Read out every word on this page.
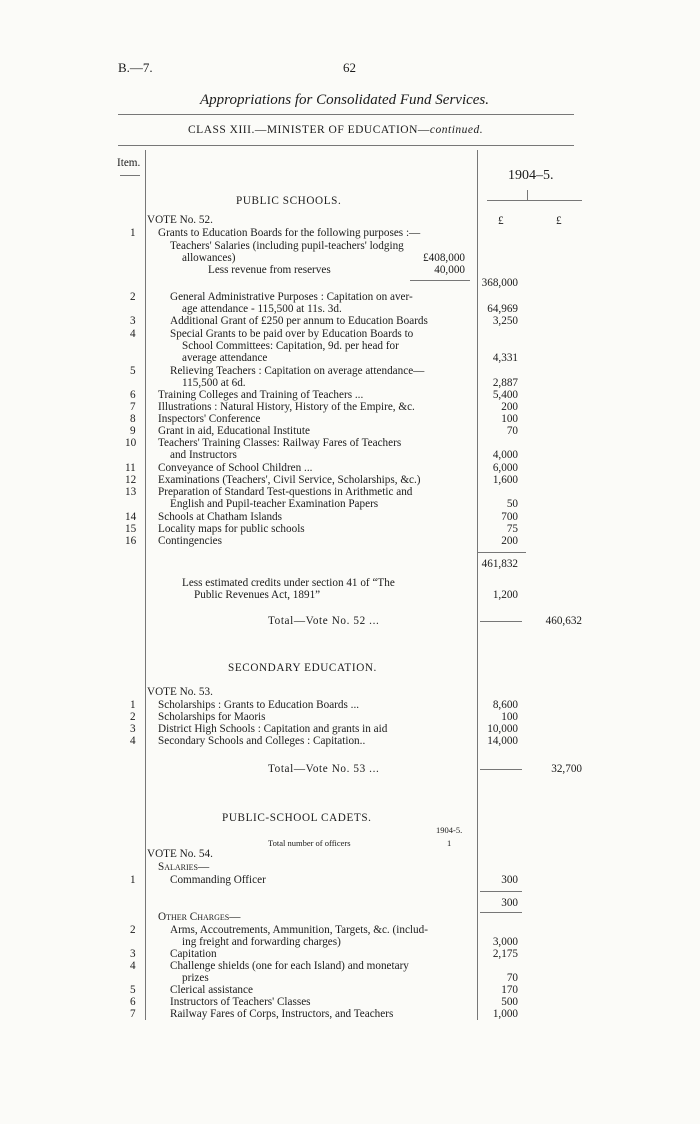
B.—7.	62
Appropriations for Consolidated Fund Services.
CLASS XIII.—MINISTER OF EDUCATION—continued.
Item.
1904–5.
£	£
PUBLIC SCHOOLS.
VOTE No. 52.
1 Grants to Education Boards for the following purposes :—
Teachers' Salaries (including pupil-teachers' lodging
allowances)	£408,000
Less revenue from reserves	40,000
368,000
2	General Administrative Purposes : Capitation on aver-
age attendance - 115,500 at 11s. 3d.	64,969
3	Additional Grant of £250 per annum to Education Boards	3,250
4	Special Grants to be paid over by Education Boards to
School Committees: Capitation, 9d. per head for
average attendance	4,331
5	Relieving Teachers : Capitation on average attendance—
115,500 at 6d.	2,887
6 Training Colleges and Training of Teachers ...	5,400
7 Illustrations : Natural History, History of the Empire, &c.	200
8 Inspectors' Conference	100
9 Grant in aid, Educational Institute	70
10 Teachers' Training Classes: Railway Fares of Teachers
and Instructors	4,000
11 Conveyance of School Children ...	6,000
12 Examinations (Teachers', Civil Service, Scholarships, &c.)	1,600
13 Preparation of Standard Test-questions in Arithmetic and
English and Pupil-teacher Examination Papers	50
14 Schools at Chatham Islands	700
15 Locality maps for public schools	75
16 Contingencies	200
461,832
Less estimated credits under section 41 of “The
Public Revenues Act, 1891”	1,200
Total—Vote No. 52 ...	460,632
SECONDARY EDUCATION.
VOTE No. 53.
1 Scholarships : Grants to Education Boards ...	8,600
2 Scholarships for Maoris	100
3 District High Schools : Capitation and grants in aid	10,000
4 Secondary Schools and Colleges : Capitation..	14,000
Total—Vote No. 53 ...	32,700
PUBLIC-SCHOOL CADETS.
1904-5.
Total number of officers	1
VOTE No. 54.
Salaries—
1	Commanding Officer	300
300
Other Charges—
2	Arms, Accoutrements, Ammunition, Targets, &c. (includ-
ing freight and forwarding charges)	3,000
3	Capitation	2,175
4	Challenge shields (one for each Island) and monetary
prizes	70
5	Clerical assistance	170
6	Instructors of Teachers' Classes	500
7	Railway Fares of Corps, Instructors, and Teachers	1,000
